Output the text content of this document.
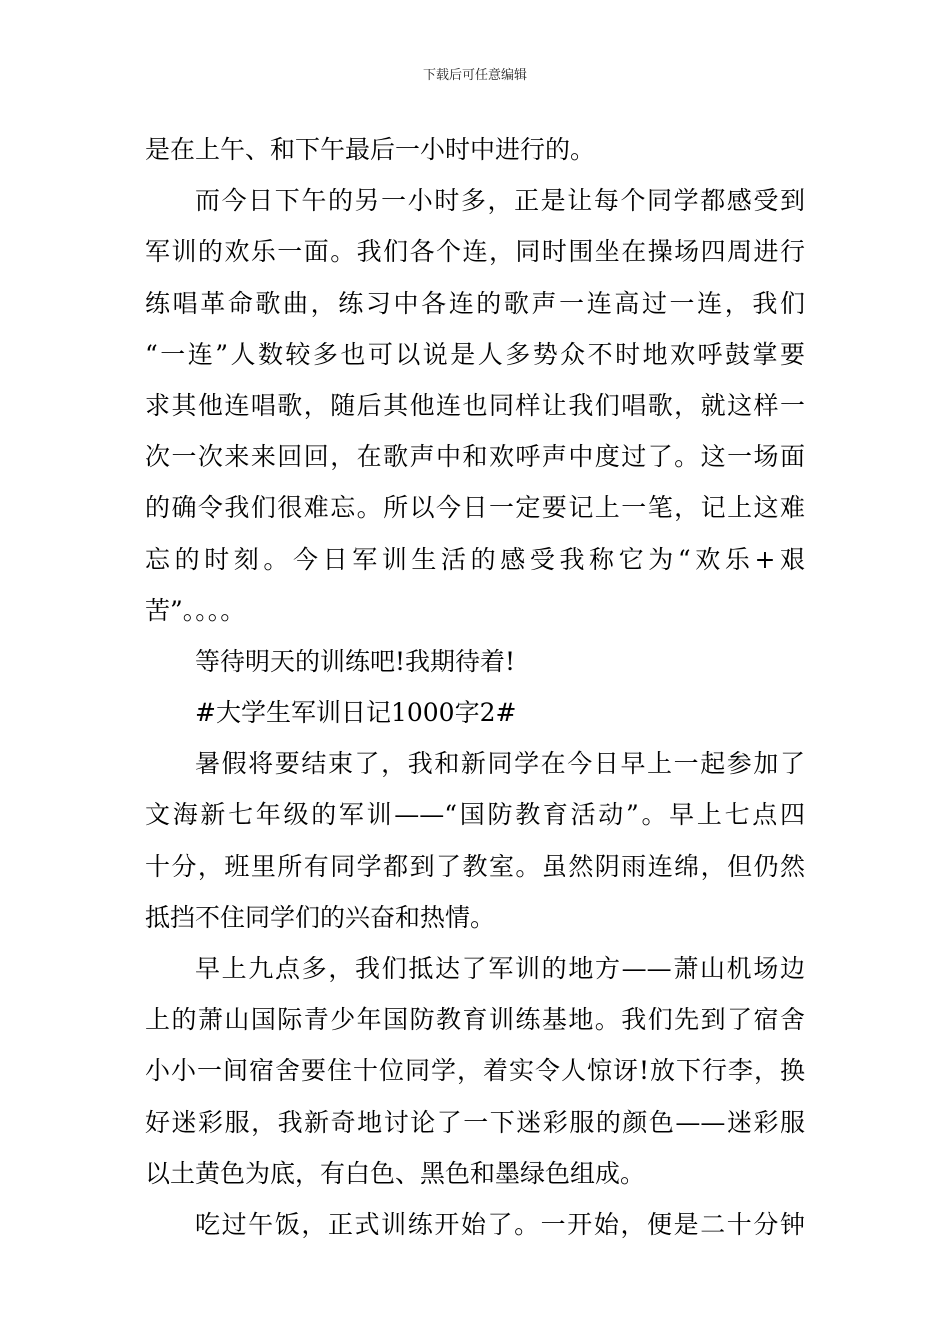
下载后可任意编辑
是在上午、和下午最后一小时中进行的。
而今日下午的另一小时多，正是让每个同学都感受到
军训的欢乐一面。我们各个连，同时围坐在操场四周进行
练唱革命歌曲，练习中各连的歌声一连高过一连，我们
“一连”人数较多也可以说是人多势众不时地欢呼鼓掌要
求其他连唱歌，随后其他连也同样让我们唱歌，就这样一
次一次来来回回，在歌声中和欢呼声中度过了。这一场面
的确令我们很难忘。所以今日一定要记上一笔，记上这难
忘的时刻。今日军训生活的感受我称它为“欢乐+艰
苦”。。。。
等待明天的训练吧!我期待着!
#大学生军训日记1000字2#
暑假将要结束了，我和新同学在今日早上一起参加了
文海新七年级的军训——“国防教育活动”。早上七点四
十分，班里所有同学都到了教室。虽然阴雨连绵，但仍然
抵挡不住同学们的兴奋和热情。
早上九点多，我们抵达了军训的地方——萧山机场边
上的萧山国际青少年国防教育训练基地。我们先到了宿舍
小小一间宿舍要住十位同学，着实令人惊讶!放下行李，换
好迷彩服，我新奇地讨论了一下迷彩服的颜色——迷彩服
以土黄色为底，有白色、黑色和墨绿色组成。
吃过午饭，正式训练开始了。一开始，便是二十分钟
